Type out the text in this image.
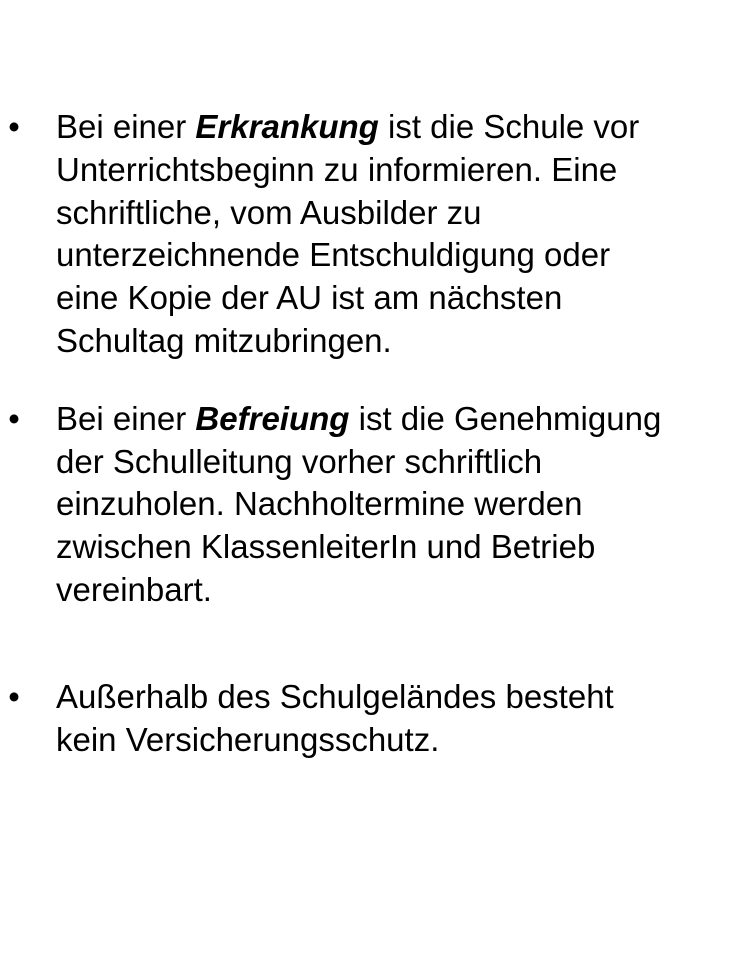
• Bei einer Erkrankung ist die Schule vor Unterrichtsbeginn zu informieren. Eine schriftliche, vom Ausbilder zu unterzeichnende Entschuldigung oder eine Kopie der AU ist am nächsten Schultag mitzubringen.
• Bei einer Befreiung ist die Genehmigung der Schulleitung vorher schriftlich einzuholen. Nachholtermine werden zwischen KlassenleiterIn und Betrieb vereinbart.
• Außerhalb des Schulgeländes besteht kein Versicherungsschutz.
